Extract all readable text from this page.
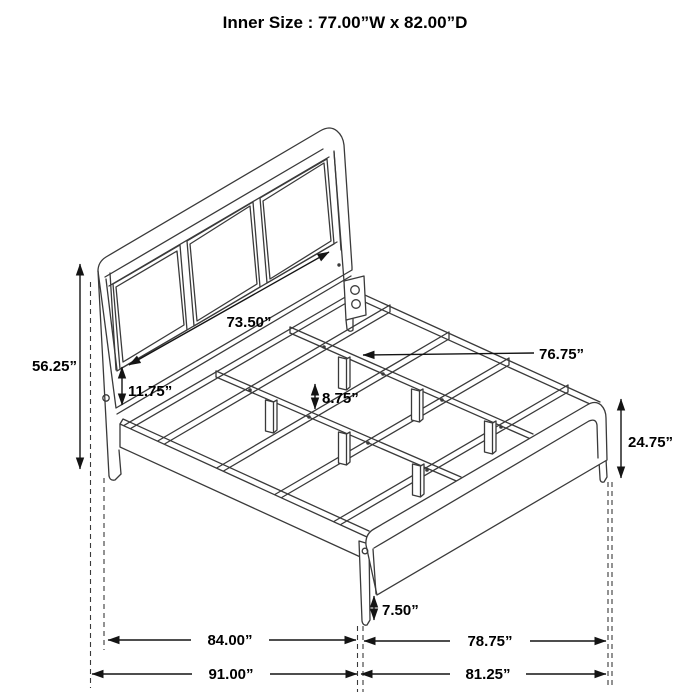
Inner Size : 77.00”W x 82.00”D
56.25”
73.50”
11.75”	8.75”
76.75”
24.75”
7.50”
84.00”	78.75”
91.00”	81.25”
